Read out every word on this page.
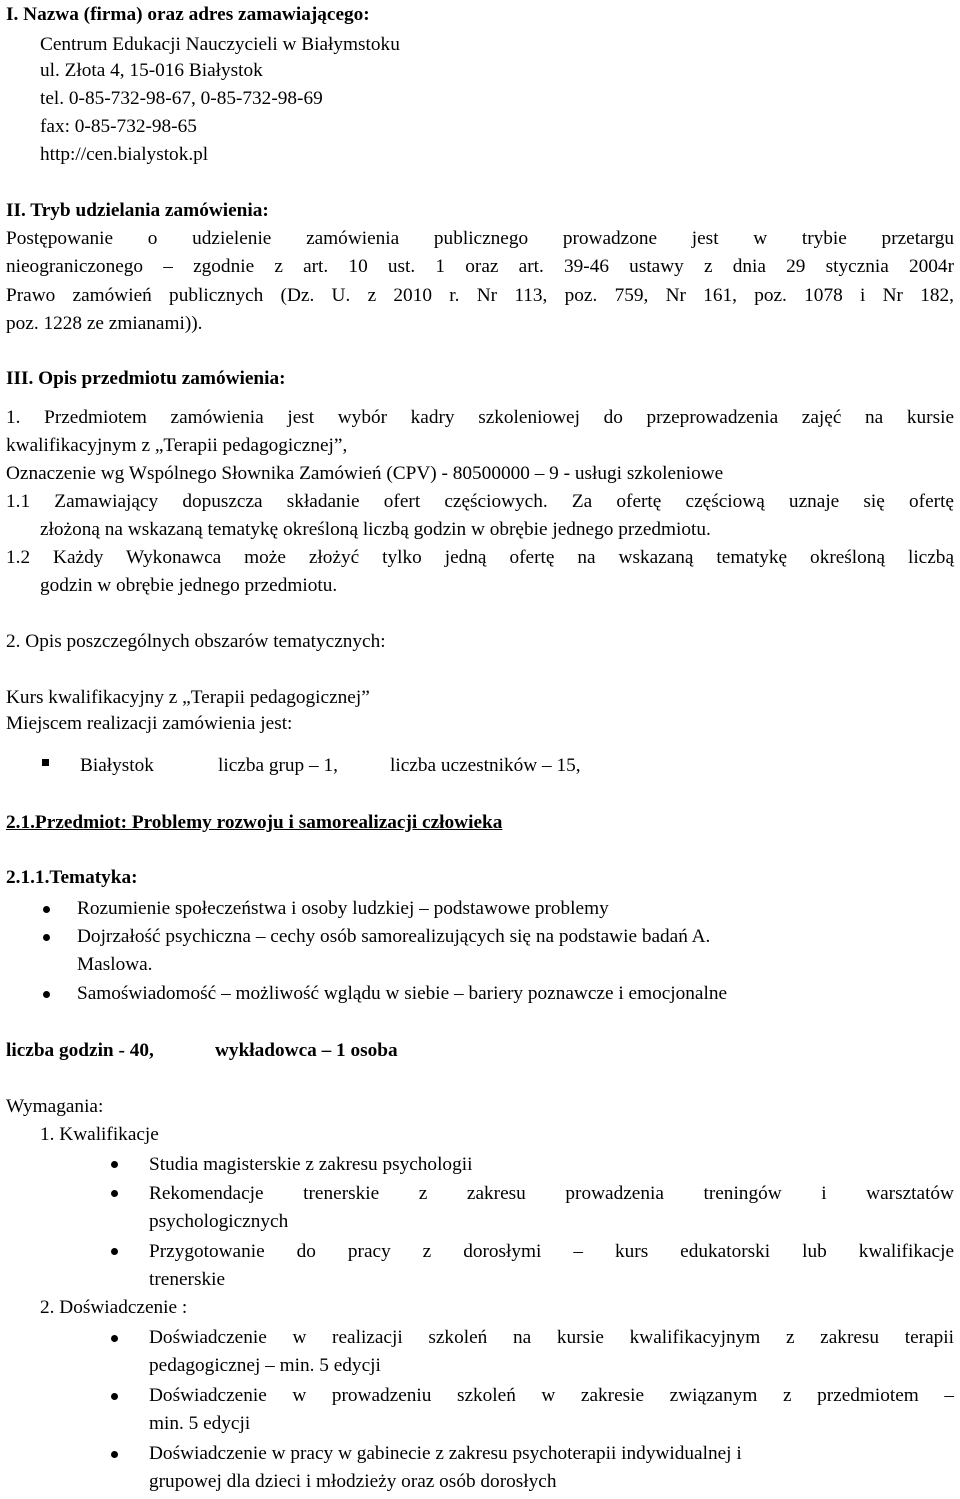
I. Nazwa (firma) oraz adres zamawiającego:
Centrum Edukacji Nauczycieli w Białymstoku
ul. Złota 4, 15-016 Białystok
tel. 0-85-732-98-67, 0-85-732-98-69
fax: 0-85-732-98-65
http://cen.bialystok.pl
II. Tryb udzielania zamówienia:
Postępowanie o udzielenie zamówienia publicznego prowadzone jest w trybie przetargu
nieograniczonego – zgodnie z art. 10 ust. 1 oraz art. 39-46 ustawy z dnia 29 stycznia 2004r
Prawo zamówień publicznych (Dz. U. z 2010 r. Nr 113, poz. 759, Nr 161, poz. 1078 i Nr 182,
poz. 1228 ze zmianami)).
III. Opis przedmiotu zamówienia:
1. Przedmiotem zamówienia jest wybór kadry szkoleniowej do przeprowadzenia zajęć na kursie
kwalifikacyjnym z „Terapii pedagogicznej”,
Oznaczenie wg Wspólnego Słownika Zamówień (CPV) - 80500000 – 9 - usługi szkoleniowe
1.1 Zamawiający dopuszcza składanie ofert częściowych. Za ofertę częściową uznaje się ofertę
złożoną na wskazaną tematykę określoną liczbą godzin w obrębie jednego przedmiotu.
1.2 Każdy Wykonawca może złożyć tylko jedną ofertę na wskazaną tematykę określoną liczbą
godzin w obrębie jednego przedmiotu.
2. Opis poszczególnych obszarów tematycznych:
Kurs kwalifikacyjny z „Terapii pedagogicznej”
Miejscem realizacji zamówienia jest:
Białystok	liczba grup – 1,	liczba uczestników – 15,
2.1.Przedmiot: Problemy rozwoju i samorealizacji człowieka
2.1.1.Tematyka:
Rozumienie społeczeństwa i osoby ludzkiej – podstawowe problemy
Dojrzałość psychiczna – cechy osób samorealizujących się na podstawie badań A.
Maslowa.
Samoświadomość – możliwość wglądu w siebie – bariery poznawcze i emocjonalne
liczba godzin - 40,	wykładowca – 1 osoba
Wymagania:
1. Kwalifikacje
Studia magisterskie z zakresu psychologii
Rekomendacje trenerskie z zakresu prowadzenia treningów i warsztatów
psychologicznych
Przygotowanie do pracy z dorosłymi – kurs edukatorski lub kwalifikacje
trenerskie
2. Doświadczenie :
Doświadczenie w realizacji szkoleń na kursie kwalifikacyjnym z zakresu terapii
pedagogicznej – min. 5 edycji
Doświadczenie w prowadzeniu szkoleń w zakresie związanym z przedmiotem –
min. 5 edycji
Doświadczenie w pracy w gabinecie z zakresu psychoterapii indywidualnej i
grupowej dla dzieci i młodzieży oraz osób dorosłych
